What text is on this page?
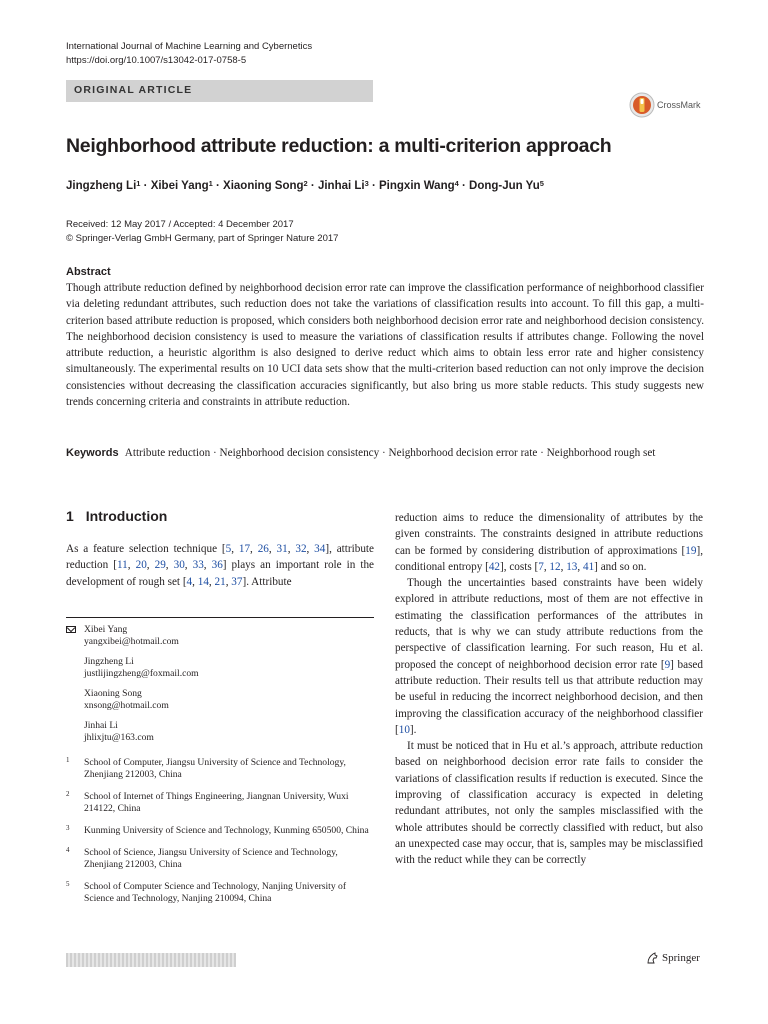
International Journal of Machine Learning and Cybernetics
https://doi.org/10.1007/s13042-017-0758-5
ORIGINAL ARTICLE
CrossMark
Neighborhood attribute reduction: a multi-criterion approach
Jingzheng $Li^1$ · Xibei Yang$^1$ · Xiaoning Song$^2$ · Jinhai $Li^3$ · Pingxin Wang$^4$ · Dong-Jun Yu$^5$
Received: 12 May 2017 / Accepted: 4 December 2017
© Springer-Verlag GmbH Germany, part of Springer Nature 2017
Abstract

Though attribute reduction defined by neighborhood decision error rate can improve the classification performance of neighborhood classifier via deleting redundant attributes, such reduction does not take the variations of classification results into account. To fill this gap, a multi-criterion based attribute reduction is proposed, which considers both neighborhood decision error rate and neighborhood decision consistency. The neighborhood decision consistency is used to measure the variations of classification results if attributes change. Following the novel attribute reduction, a heuristic algorithm is also designed to derive reduct which aims to obtain less error rate and higher consistency simultaneously. The experimental results on 10 UCI data sets show that the multi-criterion based reduction can not only improve the decision consistencies without decreasing the classification accuracies significantly, but also bring us more stable reducts. This study suggests new trends concerning criteria and constraints in attribute reduction.

Keywords Attribute reduction · Neighborhood decision consistency · Neighborhood decision error rate · Neighborhood rough set
1 Introduction

As a feature selection technique [5, 17, 26, 31, 32, 34], attribute reduction [11, 20, 29, 30, 33, 36] plays an important role in the development of rough set [4, 14, 21, 37]. Attribute

Xibei Yang
yangxibei@hotmail.com
Jingzheng Li
justlijingzheng@foxmail.com
Xiaoning Song
xnsong@hotmail.com
Jinhai Li
jhlixjtu@163.com
1 School of Computer, Jiangsu University of Science and Technology, Zhenjiang 212003, China
2 School of Internet of Things Engineering, Jiangnan University, Wuxi 214122, China
3 Kunming University of Science and Technology, Kunming 650500, China
4 School of Science, Jiangsu University of Science and Technology, Zhenjiang 212003, China
5 School of Computer Science and Technology, Nanjing University of Science and Technology, Nanjing 210094, China

reduction aims to reduce the dimensionality of attributes by the given constraints. The constraints designed in attribute reductions can be formed by considering distribution of approximations [19], conditional entropy [42], costs [7, 12, 13, 41] and so on.

Though the uncertainties based constraints have been widely explored in attribute reductions, most of them are not effective in estimating the classification performances of the attributes in reducts, that is why we can study attribute reductions from the perspective of classification learning. For such reason, Hu et al. proposed the concept of neighborhood decision error rate [9] based attribute reduction. Their results tell us that attribute reduction may be useful in reducing the incorrect neighborhood decision, and then improving the classification accuracy of the neighborhood classifier [10].

It must be noticed that in Hu et al.’s approach, attribute reduction based on neighborhood decision error rate fails to consider the variations of classification results if reduction is executed. Since the improving of classification accuracy is expected in deleting redundant attributes, not only the samples misclassified with the whole attributes should be correctly classified with reduct, but also an unexpected case may occur, that is, samples may be misclassified with the reduct while they can be correctly

Springer
